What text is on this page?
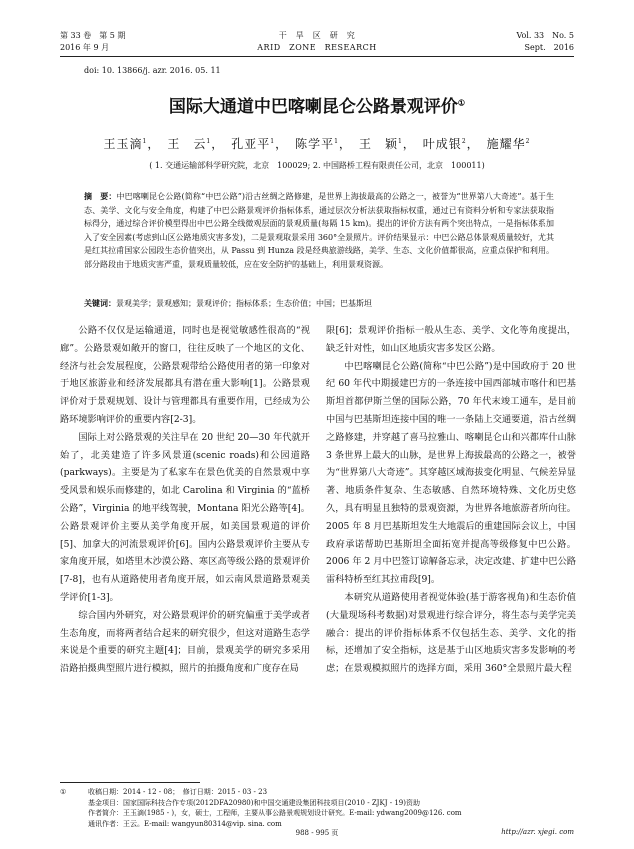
第 33 卷　第 5 期
2016 年 9 月
干　旱　区　研　究
ARID　ZONE　RESEARCH
Vol. 33　No. 5
Sept.　2016
doi: 10. 13866/j. azr. 2016. 05. 11
国际大通道中巴喀喇昆仑公路景观评价①
王玉滴$^1$，　王　云$^1$，　孔亚平$^1$，　陈学平$^1$，　王　颖$^1$，　叶成银$^2$，　施耀华$^2$
( 1. 交通运输部科学研究院，北京　100029; 2. 中国路桥工程有限责任公司，北京　100011)
摘　要：中巴喀喇昆仑公路(简称“中巴公路”)沿古丝绸之路修建，是世界上海拔最高的公路之一，被誉为“世界第八大奇迹”。基于生态、美学、文化与安全角度，构建了中巴公路景观评价指标体系，通过层次分析法获取指标权重，通过已有资料分析和专家法获取指标得分，通过综合评价模型得出中巴公路全线微观层面的景观质量(每隔 15 km)。提出的评价方法有两个突出特点，一是指标体系加入了安全因素(考虑到山区公路地质灾害多发)，二是景观取景采用 360°全景照片。评价结果显示：中巴公路总体景观质量较好，尤其是红其拉甫国家公园段生态价值突出，从 Passu 到 Hunza 段是经典旅游线路，美学、生态、文化价值都很高，应重点保护和利用。部分路段由于地质灾害严重，景观质量较低，应在安全防护的基础上，利用景观资源。
关键词：景观美学；景观感知；景观评价；指标体系；生态价值；中国；巴基斯坦

公路不仅仅是运输通道，同时也是视觉敏感性很高的“视廊”。公路景观如敞开的窗口，往往反映了一个地区的文化、经济与社会发展程度，公路景观带给公路使用者的第一印象对于地区旅游业和经济发展都具有潜在重大影响[1]。公路景观评价对于景观规划、设计与管理都具有重要作用，已经成为公路环境影响评价的重要内容[2-3]。

国际上对公路景观的关注早在 20 世纪 20—30 年代就开始了，北美建造了许多风景道(scenic roads)和公园道路(parkways)。主要是为了私家车在景色优美的自然景观中享受风景和娱乐而修建的，如北 Carolina 和 Virginia 的“蓝桥公路”，Virginia 的地平线驾驶，Montana 阳光公路等[4]。公路景观评价主要从美学角度开展，如美国景观道的评价[5]、加拿大的河流景观评价[6]。国内公路景观评价主要从专家角度开展，如塔里木沙漠公路、寒区高等级公路的景观评价[7-8]，也有从道路使用者角度开展，如云南风景道路景观美学评价[1-3]。

综合国内外研究，对公路景观评价的研究偏重于美学或者生态角度，而将两者结合起来的研究很少，但这对道路生态学来说是个重要的研究主题[4]；目前，景观美学的研究多采用沿路拍摄典型照片进行模拟，照片的拍摄角度和广度存在局

限[6]；景观评价指标一般从生态、美学、文化等角度提出，缺乏针对性，如山区地质灾害多发区公路。

中巴喀喇昆仑公路(简称“中巴公路”)是中国政府于 20 世纪 60 年代中期援建巴方的一条连接中国西部城市喀什和巴基斯坦首都伊斯兰堡的国际公路，70 年代末竣工通车，是目前中国与巴基斯坦连接中国的唯一一条陆上交通要道，沿古丝绸之路修建，并穿越了喜马拉雅山、喀喇昆仑山和兴都库什山脉 3 条世界上最大的山脉，是世界上海拔最高的公路之一，被誉为“世界第八大奇迹”。其穿越区域海拔变化明显、气候差异显著、地质条件复杂、生态敏感、自然环境特殊、文化历史悠久，具有明显且独特的景观资源，为世界各地旅游者所向往。2005 年 8 月巴基斯坦发生大地震后的重建国际会议上，中国政府承诺帮助巴基斯坦全面拓宽并提高等级修复中巴公路。2006 年 2 月中巴签订谅解备忘录，决定改建、扩建中巴公路雷科特桥至红其拉甫段[9]。

本研究从道路使用者视觉体验(基于游客视角)和生态价值(大量现场科考数据)对景观进行综合评分，将生态与美学完美融合：提出的评价指标体系不仅包括生态、美学、文化的指标，还增加了安全指标，这是基于山区地质灾害多发影响的考虑；在景观模拟照片的选择方面，采用 360°全景照片最大程

①	收稿日期：2014 - 12 - 08；　修订日期：2015 - 03 - 23
基金项目：国家国际科技合作专项(2012DFA20980)和中国交通建设集团科技项目(2010 - ZJKJ - 19)资助
作者简介：王玉滴(1985 - )，女，硕士，工程师，主要从事公路景观规划设计研究。E-mail: ydwang2009@126. com
通讯作者：王云。E-mail: wangyun80314@vip. sina. com
988 - 995 页	http://azr. xjegi. com
